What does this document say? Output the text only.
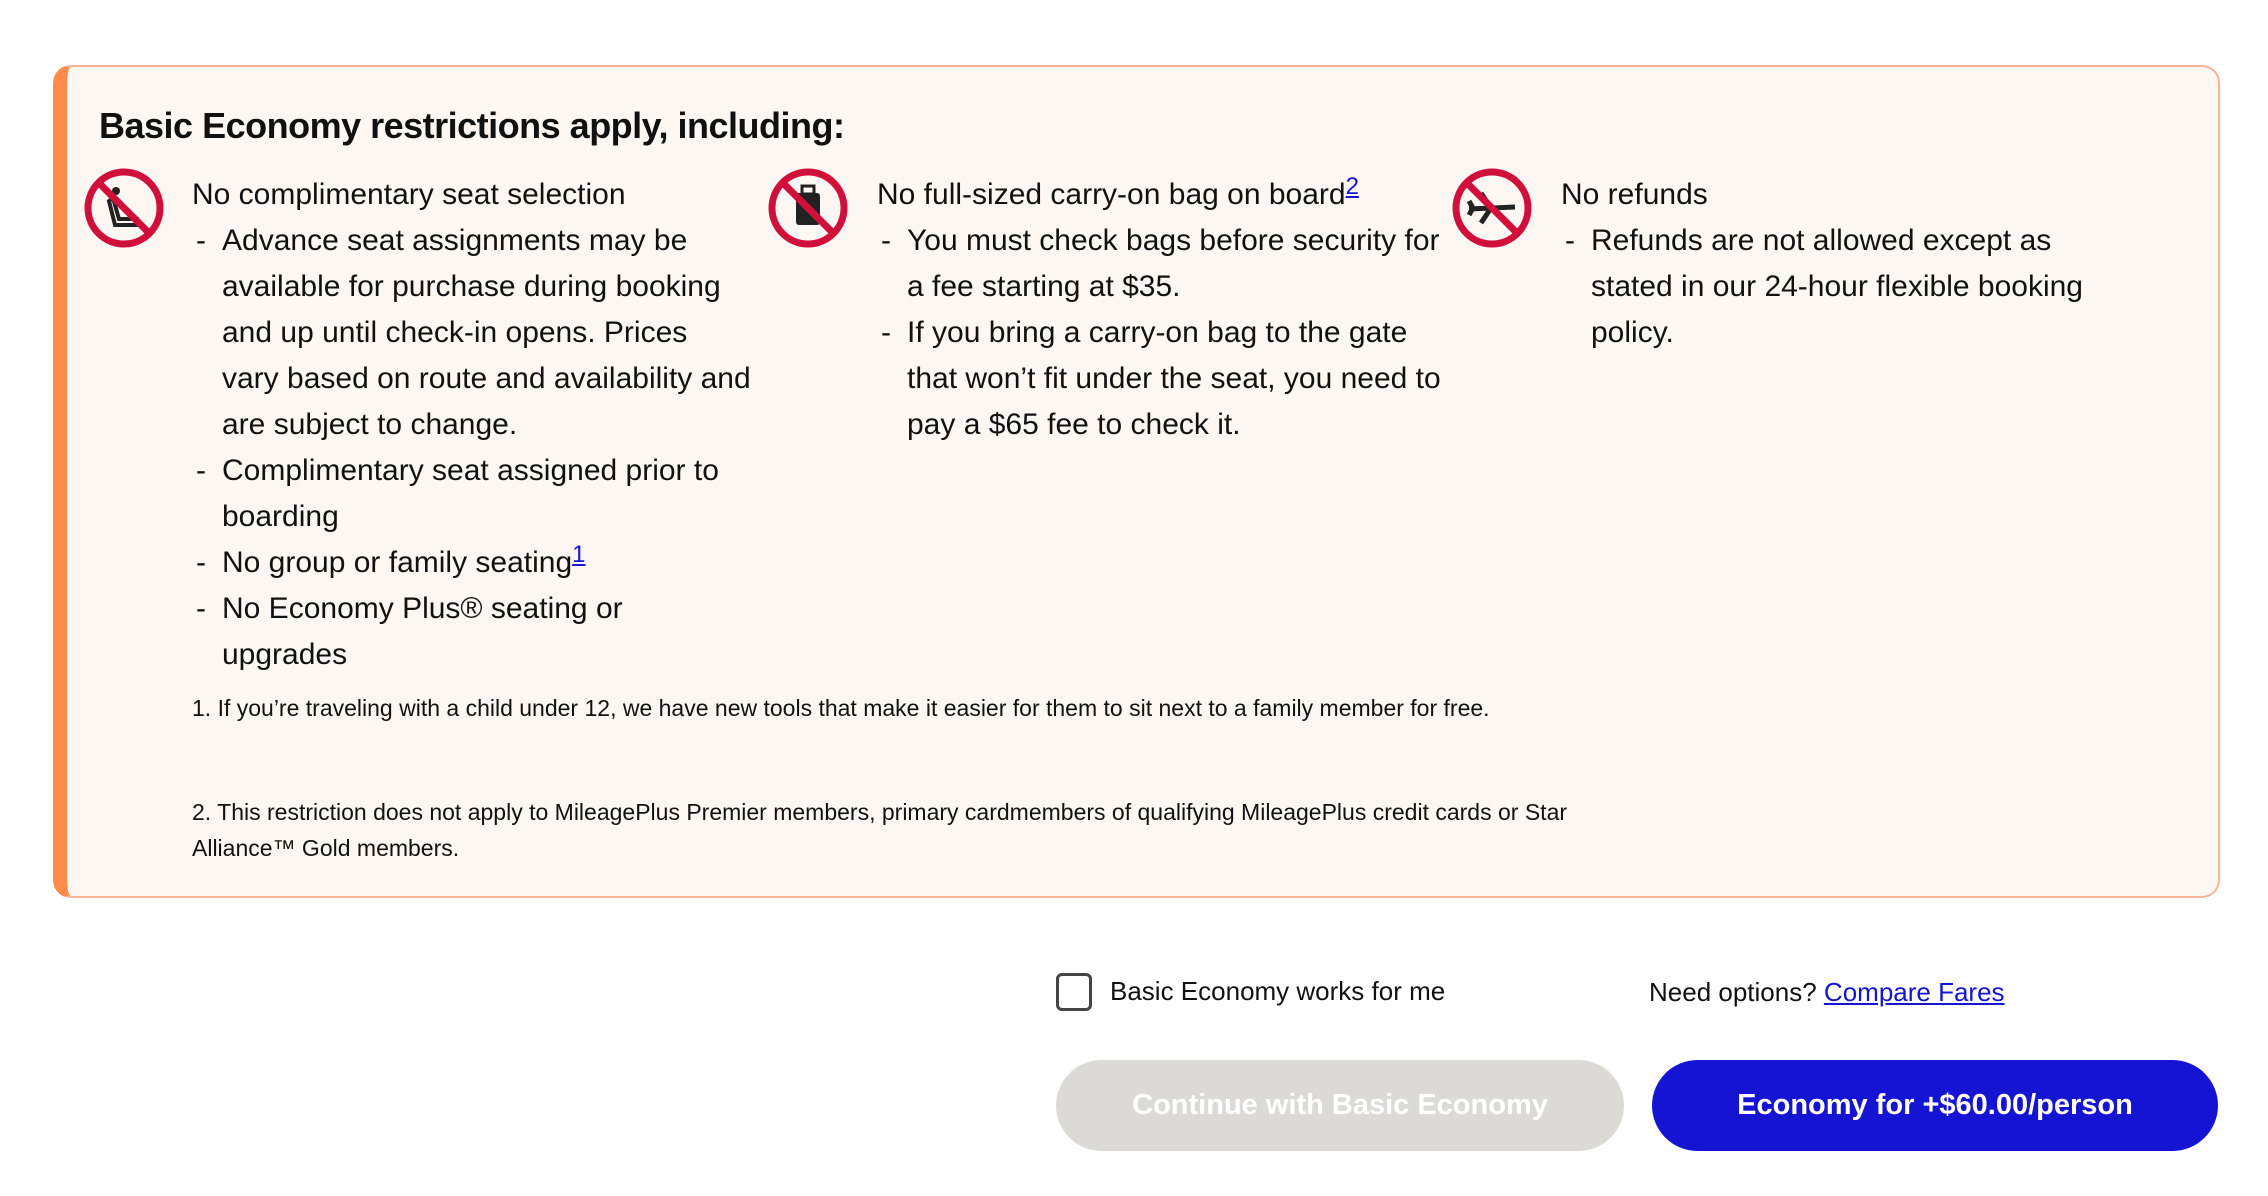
Basic Economy restrictions apply, including:
No complimentary seat selection
- Advance seat assignments may be available for purchase during booking and up until check-in opens. Prices vary based on route and availability and are subject to change.
- Complimentary seat assigned prior to boarding
- No group or family seating$^1$
- No Economy Plus® seating or upgrades
No full-sized carry-on bag on board$^2$
- You must check bags before security for a fee starting at $35.
- If you bring a carry-on bag to the gate that won’t fit under the seat, you need to pay a $65 fee to check it.
No refunds
- Refunds are not allowed except as stated in our 24-hour flexible booking policy.
1. If you’re traveling with a child under 12, we have new tools that make it easier for them to sit next to a family member for free.
2. This restriction does not apply to MileagePlus Premier members, primary cardmembers of qualifying MileagePlus credit cards or Star Alliance™ Gold members.
Basic Economy works for me	Need options? Compare Fares
Continue with Basic Economy	Economy for +$60.00/person
